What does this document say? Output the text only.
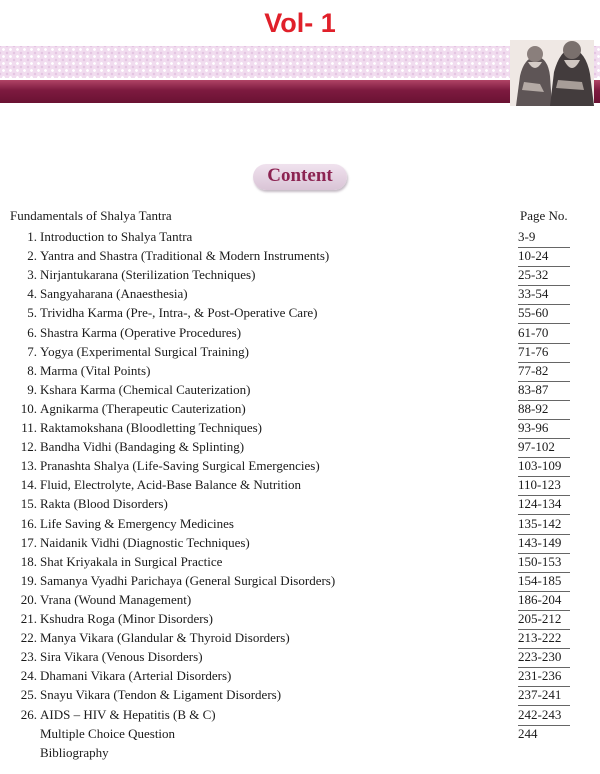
Vol- 1
Content
Fundamentals of Shalya Tantra	Page No.
1. Introduction to Shalya Tantra	3-9
2. Yantra and Shastra (Traditional & Modern Instruments)	10-24
3. Nirjantukarana (Sterilization Techniques)	25-32
4. Sangyaharana (Anaesthesia)	33-54
5. Trividha Karma (Pre-, Intra-, & Post-Operative Care)	55-60
6. Shastra Karma (Operative Procedures)	61-70
7. Yogya (Experimental Surgical Training)	71-76
8. Marma (Vital Points)	77-82
9. Kshara Karma (Chemical Cauterization)	83-87
10. Agnikarma (Therapeutic Cauterization)	88-92
11. Raktamokshana (Bloodletting Techniques)	93-96
12. Bandha Vidhi (Bandaging & Splinting)	97-102
13. Pranashta Shalya (Life-Saving Surgical Emergencies)	103-109
14. Fluid, Electrolyte, Acid-Base Balance & Nutrition	110-123
15. Rakta (Blood Disorders)	124-134
16. Life Saving & Emergency Medicines	135-142
17. Naidanik Vidhi (Diagnostic Techniques)	143-149
18. Shat Kriyakala in Surgical Practice	150-153
19. Samanya Vyadhi Parichaya (General Surgical Disorders)	154-185
20. Vrana (Wound Management)	186-204
21. Kshudra Roga (Minor Disorders)	205-212
22. Manya Vikara (Glandular & Thyroid Disorders)	213-222
23. Sira Vikara (Venous Disorders)	223-230
24. Dhamani Vikara (Arterial Disorders)	231-236
25. Snayu Vikara (Tendon & Ligament Disorders)	237-241
26. AIDS – HIV & Hepatitis (B & C)	242-243
Multiple Choice Question	244
Bibliography
